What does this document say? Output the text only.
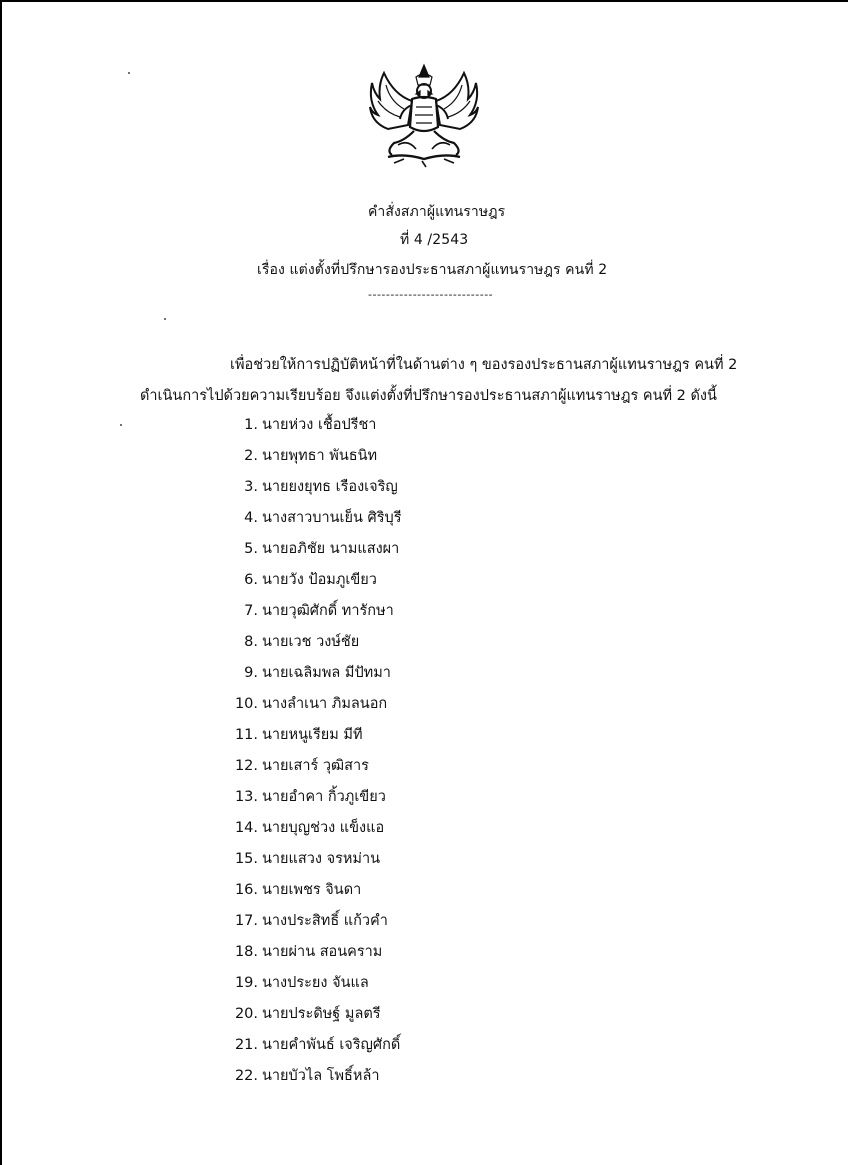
คำสั่งสภาผู้แทนราษฎร
ที่ 4 /2543
เรื่อง แต่งตั้งที่ปรึกษารองประธานสภาผู้แทนราษฎร คนที่ 2
----------------------------
เพื่อช่วยให้การปฏิบัติหน้าที่ในด้านต่าง ๆ ของรองประธานสภาผู้แทนราษฎร คนที่ 2
ดำเนินการไปด้วยความเรียบร้อย จึงแต่งตั้งที่ปรึกษารองประธานสภาผู้แทนราษฎร คนที่ 2 ดังนี้
1. นายห่วง เชื้อปรีชา
2. นายพุทธา พันธนิท
3. นายยงยุทธ เรืองเจริญ
4. นางสาวบานเย็น ศิริบุรี
5. นายอภิชัย นามแสงผา
6. นายวัง ป้อมภูเขียว
7. นายวุฒิศักดิ์ ทารักษา
8. นายเวช วงษ์ชัย
9. นายเฉลิมพล มีปัทมา
10. นางลำเนา ภิมลนอก
11. นายหนูเรียม มีที
12. นายเสาร์ วุฒิสาร
13. นายอำคา กิ้วภูเขียว
14. นายบุญช่วง แข็งแอ
15. นายแสวง จรหม่าน
16. นายเพชร จินดา
17. นางประสิทธิ์ แก้วคำ
18. นายผ่าน สอนคราม
19. นางประยง จันแล
20. นายประดิษฐ์ มูลตรี
21. นายคำพันธ์ เจริญศักดิ์
22. นายบัวไล โพธิ์หล้า
